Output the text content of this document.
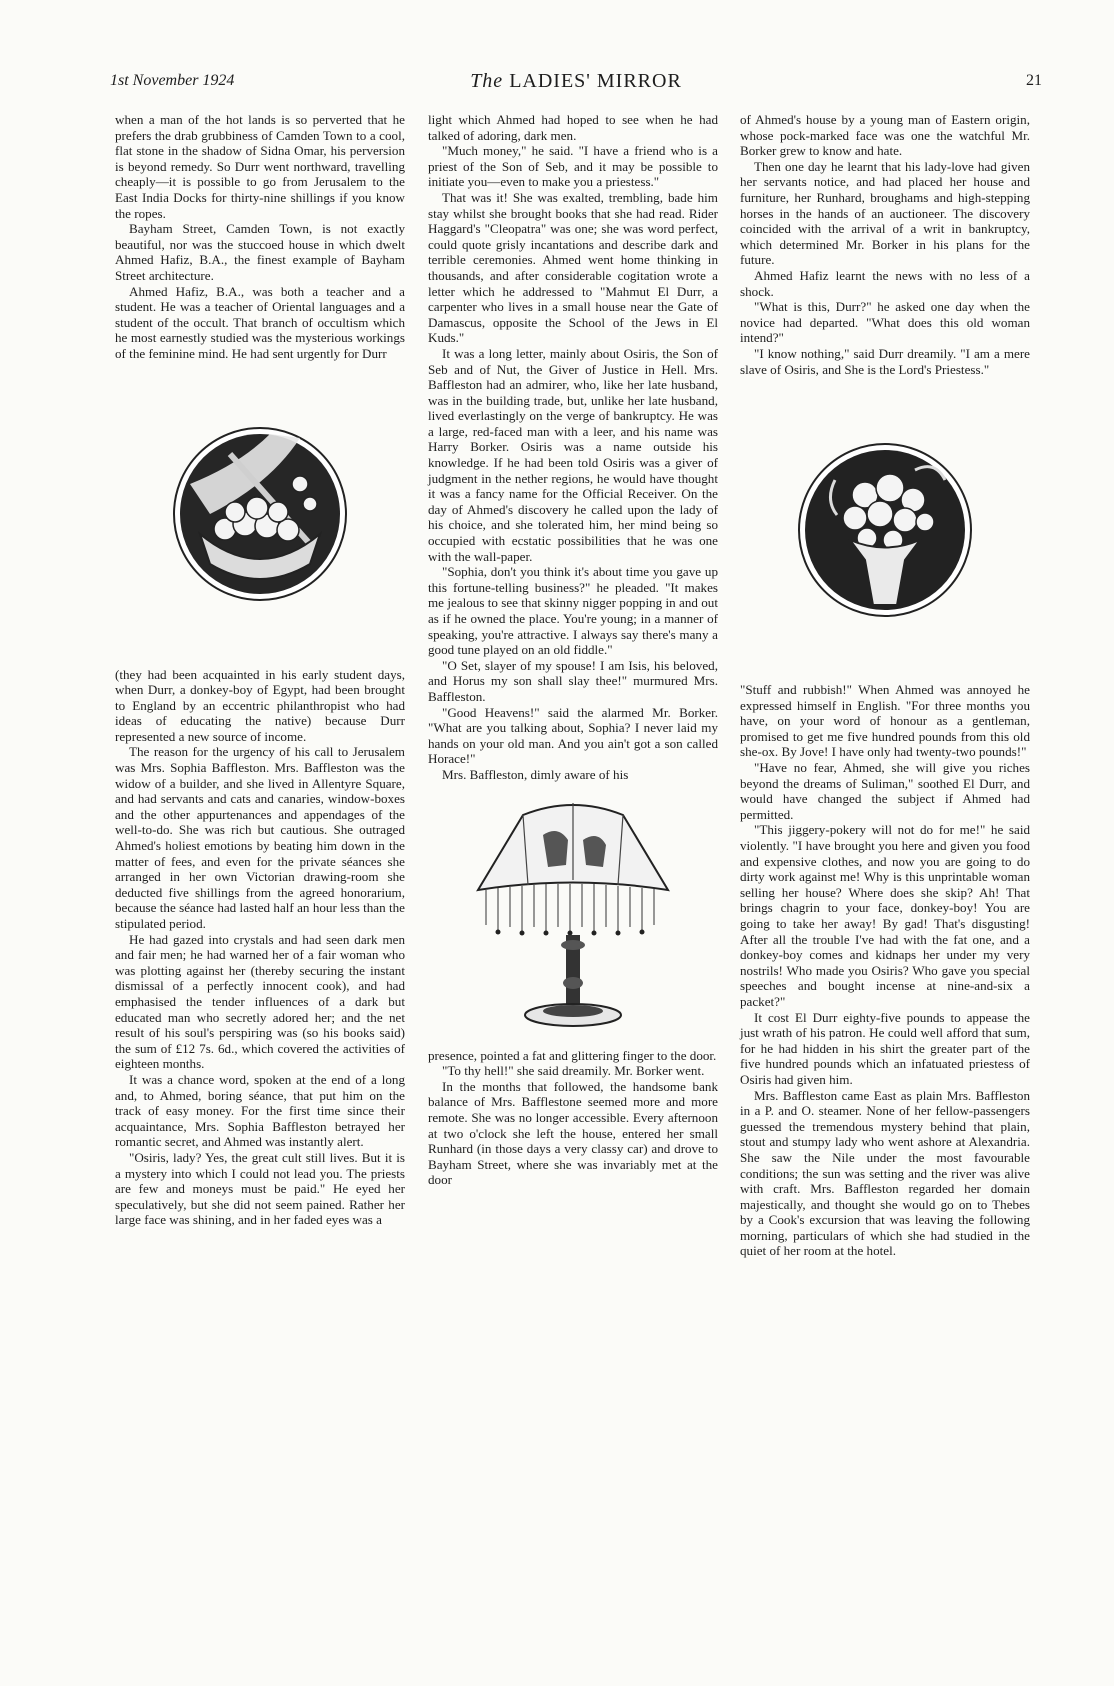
1st November 1924	The LADIES' MIRROR	21

when a man of the hot lands is so perverted that he prefers the drab grubbiness of Camden Town to a cool, flat stone in the shadow of Sidna Omar, his perversion is beyond remedy. So Durr went northward, travelling cheaply—it is possible to go from Jerusalem to the East India Docks for thirty-nine shillings if you know the ropes.

Bayham Street, Camden Town, is not exactly beautiful, nor was the stuccoed house in which dwelt Ahmed Hafiz, B.A., the finest example of Bayham Street architecture.

Ahmed Hafiz, B.A., was both a teacher and a student. He was a teacher of Oriental languages and a student of the occult. That branch of occultism which he most earnestly studied was the mysterious workings of the feminine mind. He had sent urgently for Durr

(they had been acquainted in his early student days, when Durr, a donkey-boy of Egypt, had been brought to England by an eccentric philanthropist who had ideas of educating the native) because Durr represented a new source of income.

The reason for the urgency of his call to Jerusalem was Mrs. Sophia Baffleston. Mrs. Baffleston was the widow of a builder, and she lived in Allentyre Square, and had servants and cats and canaries, window-boxes and the other appurtenances and appendages of the well-to-do. She was rich but cautious. She outraged Ahmed's holiest emotions by beating him down in the matter of fees, and even for the private séances she arranged in her own Victorian drawing-room she deducted five shillings from the agreed honorarium, because the séance had lasted half an hour less than the stipulated period.

He had gazed into crystals and had seen dark men and fair men; he had warned her of a fair woman who was plotting against her (thereby securing the instant dismissal of a perfectly innocent cook), and had emphasised the tender influences of a dark but educated man who secretly adored her; and the net result of his soul's perspiring was (so his books said) the sum of £12 7s. 6d., which covered the activities of eighteen months.

It was a chance word, spoken at the end of a long and, to Ahmed, boring séance, that put him on the track of easy money. For the first time since their acquaintance, Mrs. Sophia Baffleston betrayed her romantic secret, and Ahmed was instantly alert.

"Osiris, lady? Yes, the great cult still lives. But it is a mystery into which I could not lead you. The priests are few and moneys must be paid." He eyed her speculatively, but she did not seem pained. Rather her large face was shining, and in her faded eyes was a

light which Ahmed had hoped to see when he had talked of adoring, dark men.

"Much money," he said. "I have a friend who is a priest of the Son of Seb, and it may be possible to initiate you—even to make you a priestess."

That was it! She was exalted, trembling, bade him stay whilst she brought books that she had read. Rider Haggard's "Cleopatra" was one; she was word perfect, could quote grisly incantations and describe dark and terrible ceremonies. Ahmed went home thinking in thousands, and after considerable cogitation wrote a letter which he addressed to "Mahmut El Durr, a carpenter who lives in a small house near the Gate of Damascus, opposite the School of the Jews in El Kuds."

It was a long letter, mainly about Osiris, the Son of Seb and of Nut, the Giver of Justice in Hell. Mrs. Baffleston had an admirer, who, like her late husband, was in the building trade, but, unlike her late husband, lived everlastingly on the verge of bankruptcy. He was a large, red-faced man with a leer, and his name was Harry Borker. Osiris was a name outside his knowledge. If he had been told Osiris was a giver of judgment in the nether regions, he would have thought it was a fancy name for the Official Receiver. On the day of Ahmed's discovery he called upon the lady of his choice, and she tolerated him, her mind being so occupied with ecstatic possibilities that he was one with the wall-paper.

"Sophia, don't you think it's about time you gave up this fortune-telling business?" he pleaded. "It makes me jealous to see that skinny nigger popping in and out as if he owned the place. You're young; in a manner of speaking, you're attractive. I always say there's many a good tune played on an old fiddle."

"O Set, slayer of my spouse! I am Isis, his beloved, and Horus my son shall slay thee!" murmured Mrs. Baffleston.

"Good Heavens!" said the alarmed Mr. Borker. "What are you talking about, Sophia? I never laid my hands on your old man. And you ain't got a son called Horace!"

Mrs. Baffleston, dimly aware of his

presence, pointed a fat and glittering finger to the door.

"To thy hell!" she said dreamily. Mr. Borker went.

In the months that followed, the handsome bank balance of Mrs. Bafflestone seemed more and more remote. She was no longer accessible. Every afternoon at two o'clock she left the house, entered her small Runhard (in those days a very classy car) and drove to Bayham Street, where she was invariably met at the door

of Ahmed's house by a young man of Eastern origin, whose pock-marked face was one the watchful Mr. Borker grew to know and hate.

Then one day he learnt that his lady-love had given her servants notice, and had placed her house and furniture, her Runhard, broughams and high-stepping horses in the hands of an auctioneer. The discovery coincided with the arrival of a writ in bankruptcy, which determined Mr. Borker in his plans for the future.

Ahmed Hafiz learnt the news with no less of a shock.

"What is this, Durr?" he asked one day when the novice had departed. "What does this old woman intend?"

"I know nothing," said Durr dreamily. "I am a mere slave of Osiris, and She is the Lord's Priestess."

"Stuff and rubbish!" When Ahmed was annoyed he expressed himself in English. "For three months you have, on your word of honour as a gentleman, promised to get me five hundred pounds from this old she-ox. By Jove! I have only had twenty-two pounds!"

"Have no fear, Ahmed, she will give you riches beyond the dreams of Suliman," soothed El Durr, and would have changed the subject if Ahmed had permitted.

"This jiggery-pokery will not do for me!" he said violently. "I have brought you here and given you food and expensive clothes, and now you are going to do dirty work against me! Why is this unprintable woman selling her house? Where does she skip? Ah! That brings chagrin to your face, donkey-boy! You are going to take her away! By gad! That's disgusting! After all the trouble I've had with the fat one, and a donkey-boy comes and kidnaps her under my very nostrils! Who made you Osiris? Who gave you special speeches and bought incense at nine-and-six a packet?"

It cost El Durr eighty-five pounds to appease the just wrath of his patron. He could well afford that sum, for he had hidden in his shirt the greater part of the five hundred pounds which an infatuated priestess of Osiris had given him.

Mrs. Baffleston came East as plain Mrs. Baffleston in a P. and O. steamer. None of her fellow-passengers guessed the tremendous mystery behind that plain, stout and stumpy lady who went ashore at Alexandria. She saw the Nile under the most favourable conditions; the sun was setting and the river was alive with craft. Mrs. Baffleston regarded her domain majestically, and thought she would go on to Thebes by a Cook's excursion that was leaving the following morning, particulars of which she had studied in the quiet of her room at the hotel.
